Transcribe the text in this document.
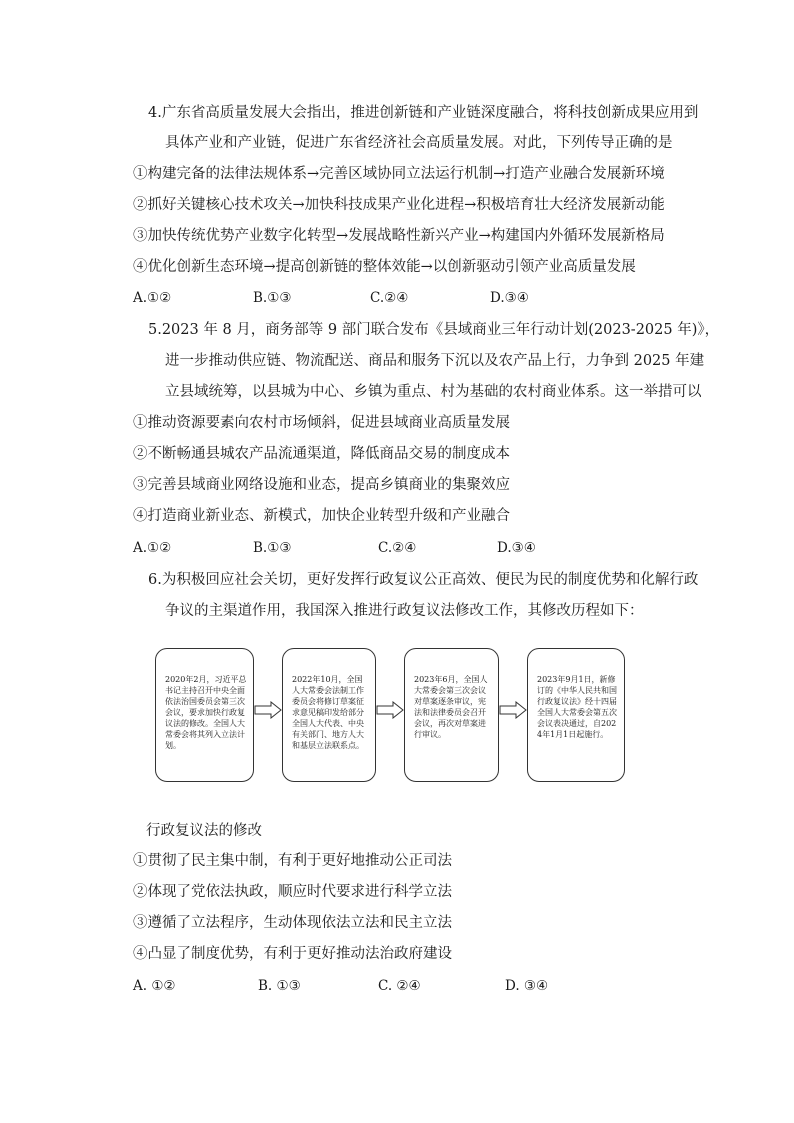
4.广东省高质量发展大会指出，推进创新链和产业链深度融合，将科技创新成果应用到
具体产业和产业链，促进广东省经济社会高质量发展。对此，下列传导正确的是
①构建完备的法律法规体系→完善区域协同立法运行机制→打造产业融合发展新环境
②抓好关键核心技术攻关→加快科技成果产业化进程→积极培育壮大经济发展新动能
③加快传统优势产业数字化转型→发展战略性新兴产业→构建国内外循环发展新格局
④优化创新生态环境→提高创新链的整体效能→以创新驱动引领产业高质量发展
A.①②	B.①③	C.②④	D.③④
5.2023 年 8 月，商务部等 9 部门联合发布《县域商业三年行动计划(2023-2025 年)》，
进一步推动供应链、物流配送、商品和服务下沉以及农产品上行，力争到 2025 年建
立县域统筹，以县城为中心、乡镇为重点、村为基础的农村商业体系。这一举措可以
①推动资源要素向农村市场倾斜，促进县域商业高质量发展
②不断畅通县城农产品流通渠道，降低商品交易的制度成本
③完善县域商业网络设施和业态，提高乡镇商业的集聚效应
④打造商业新业态、新模式，加快企业转型升级和产业融合
A.①②	B.①③	C.②④	D.③④
6.为积极回应社会关切，更好发挥行政复议公正高效、便民为民的制度优势和化解行政
争议的主渠道作用，我国深入推进行政复议法修改工作，其修改历程如下：
2020年2月，习近平总书记主持召开中央全面依法治国委员会第三次会议，要求加快行政复议法的修改。全国人大常委会将其列入立法计划。
2022年10月，全国人大常委会法制工作委员会将修订草案征求意见稿印发给部分全国人大代表、中央有关部门、地方人大和基层立法联系点。
2023年6月，全国人大常委会第三次会议对草案逐条审议，宪法和法律委员会召开会议，再次对草案进行审议。
2023年9月1日，新修订的《中华人民共和国行政复议法》经十四届全国人大常委会第五次会议表决通过，自2024年1月1日起施行。
行政复议法的修改
①贯彻了民主集中制，有利于更好地推动公正司法
②体现了党依法执政，顺应时代要求进行科学立法
③遵循了立法程序，生动体现依法立法和民主立法
④凸显了制度优势，有利于更好推动法治政府建设
A. ①②	B. ①③	C. ②④	D. ③④
